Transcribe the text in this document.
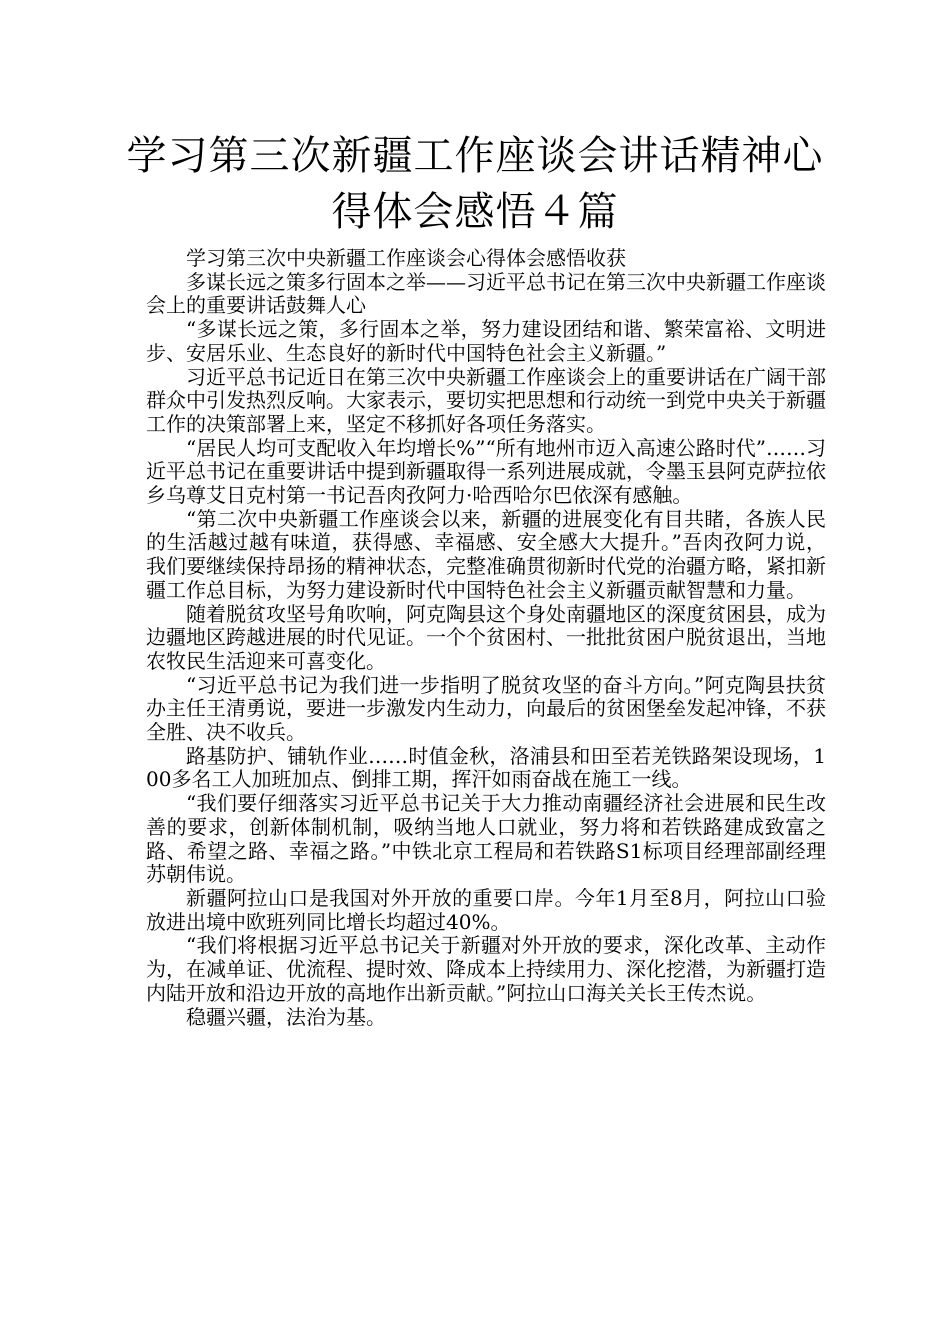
学习第三次新疆工作座谈会讲话精神心
得体会感悟４篇

学习第三次中央新疆工作座谈会心得体会感悟收获

多谋长远之策多行固本之举——习近平总书记在第三次中央新疆工作座谈会上的重要讲话鼓舞人心

“多谋长远之策，多行固本之举，努力建设团结和谐、繁荣富裕、文明进步、安居乐业、生态良好的新时代中国特色社会主义新疆。”

习近平总书记近日在第三次中央新疆工作座谈会上的重要讲话在广阔干部群众中引发热烈反响。大家表示，要切实把思想和行动统一到党中央关于新疆工作的决策部署上来，坚定不移抓好各项任务落实。

“居民人均可支配收入年均增长%”“所有地州市迈入高速公路时代”……习近平总书记在重要讲话中提到新疆取得一系列进展成就，令墨玉县阿克萨拉依乡乌尊艾日克村第一书记吾肉孜阿力·哈西哈尔巴依深有感触。

“第二次中央新疆工作座谈会以来，新疆的进展变化有目共睹，各族人民的生活越过越有味道，获得感、幸福感、安全感大大提升。”吾肉孜阿力说，我们要继续保持昂扬的精神状态，完整准确贯彻新时代党的治疆方略，紧扣新疆工作总目标，为努力建设新时代中国特色社会主义新疆贡献智慧和力量。

随着脱贫攻坚号角吹响，阿克陶县这个身处南疆地区的深度贫困县，成为边疆地区跨越进展的时代见证。一个个贫困村、一批批贫困户脱贫退出，当地农牧民生活迎来可喜变化。

“习近平总书记为我们进一步指明了脱贫攻坚的奋斗方向。”阿克陶县扶贫办主任王清勇说，要进一步激发内生动力，向最后的贫困堡垒发起冲锋，不获全胜、决不收兵。

路基防护、铺轨作业……时值金秋，洛浦县和田至若羌铁路架设现场，100多名工人加班加点、倒排工期，挥汗如雨奋战在施工一线。

“我们要仔细落实习近平总书记关于大力推动南疆经济社会进展和民生改善的要求，创新体制机制，吸纳当地人口就业，努力将和若铁路建成致富之路、希望之路、幸福之路。”中铁北京工程局和若铁路S1标项目经理部副经理苏朝伟说。

新疆阿拉山口是我国对外开放的重要口岸。今年1月至8月，阿拉山口验放进出境中欧班列同比增长均超过40%。

“我们将根据习近平总书记关于新疆对外开放的要求，深化改革、主动作为，在减单证、优流程、提时效、降成本上持续用力、深化挖潜，为新疆打造内陆开放和沿边开放的高地作出新贡献。”阿拉山口海关关长王传杰说。

稳疆兴疆，法治为基。
